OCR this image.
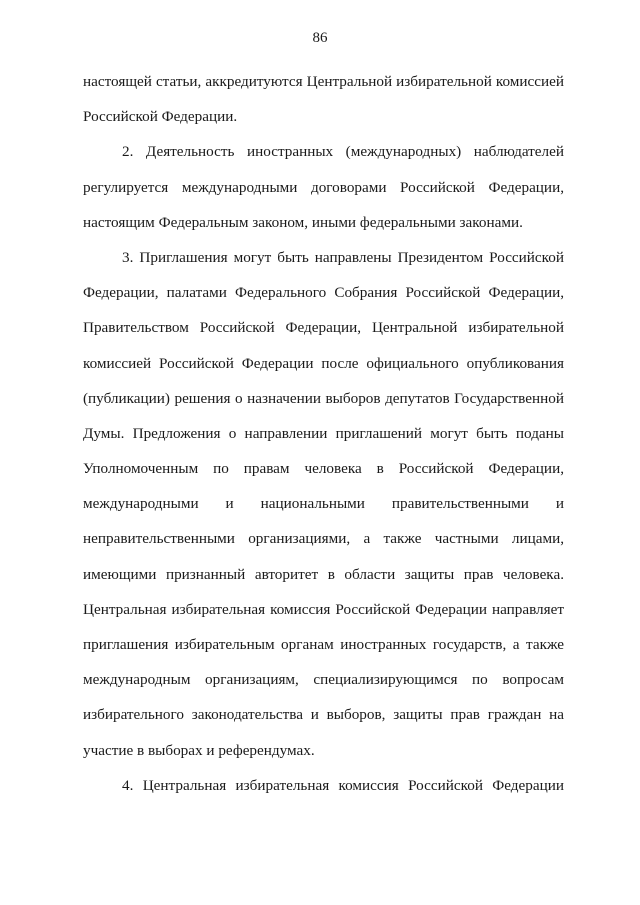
86
настоящей статьи, аккредитуются Центральной избирательной комиссией
Российской Федерации.
2. Деятельность иностранных (международных) наблюдателей
регулируется международными договорами Российской Федерации,
настоящим Федеральным законом, иными федеральными законами.
3. Приглашения могут быть направлены Президентом Российской
Федерации, палатами Федерального Собрания Российской Федерации,
Правительством Российской Федерации, Центральной избирательной
комиссией Российской Федерации после официального опубликования
(публикации) решения о назначении выборов депутатов Государственной
Думы. Предложения о направлении приглашений могут быть поданы
Уполномоченным по правам человека в Российской Федерации,
международными и национальными правительственными и
неправительственными организациями, а также частными лицами,
имеющими признанный авторитет в области защиты прав человека.
Центральная избирательная комиссия Российской Федерации направляет
приглашения избирательным органам иностранных государств, а также
международным организациям, специализирующимся по вопросам
избирательного законодательства и выборов, защиты прав граждан на
участие в выборах и референдумах.
4. Центральная избирательная комиссия Российской Федерации
